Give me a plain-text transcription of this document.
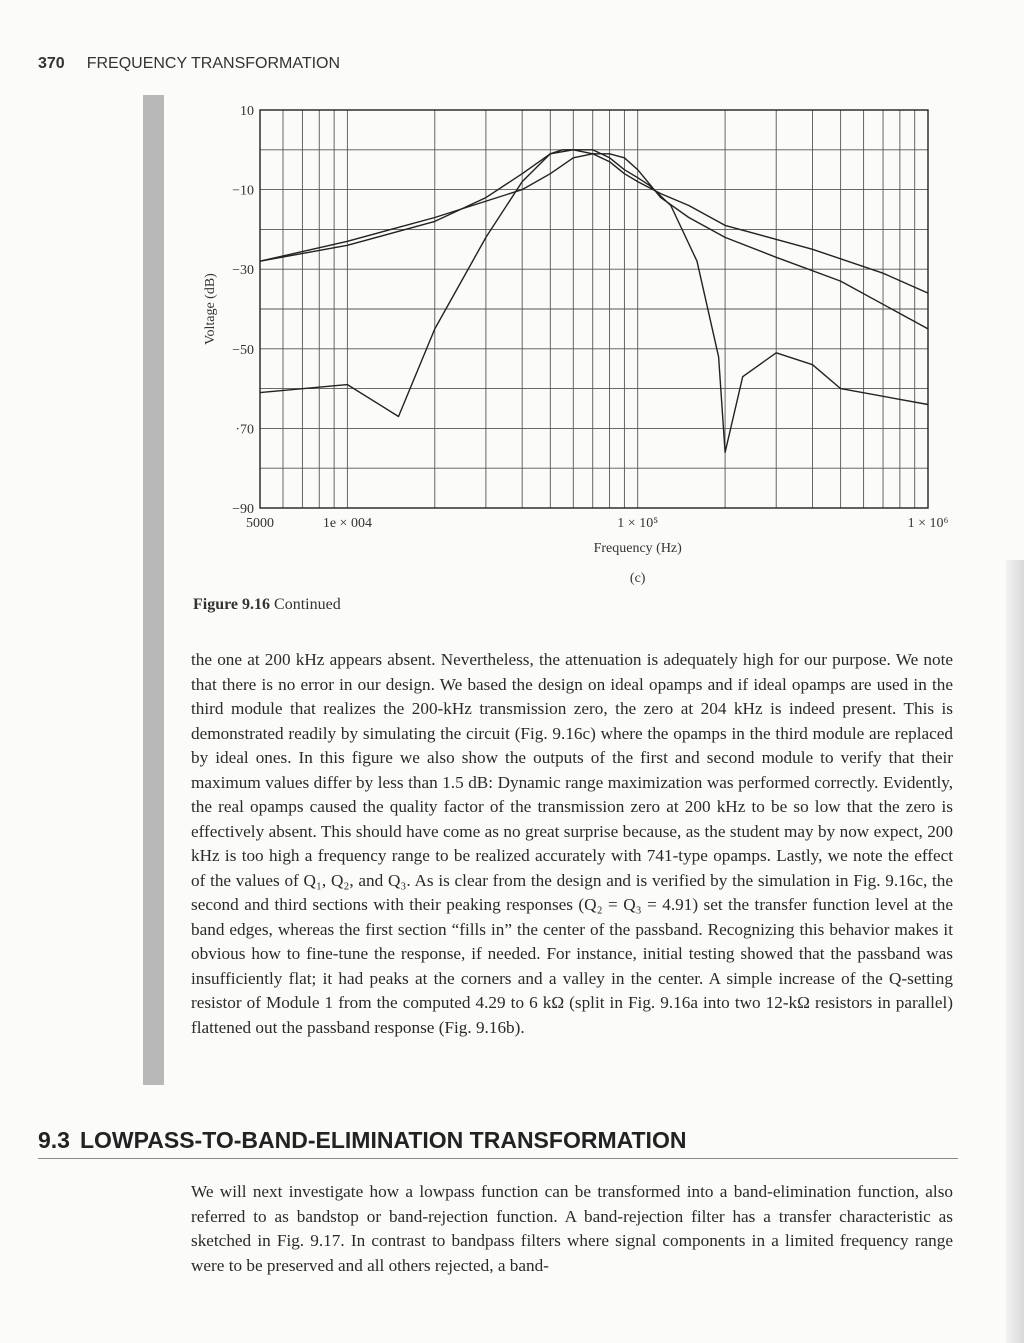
370 FREQUENCY TRANSFORMATION

10
−10
−30
−50
·70
−90
5000	1e × 004	1 × 10⁵	1 × 10⁶
Voltage (dB)
Frequency (Hz)
(c)

Figure 9.16 Continued

the one at 200 kHz appears absent. Nevertheless, the attenuation is adequately high for our purpose. We note that there is no error in our design. We based the design on ideal opamps and if ideal opamps are used in the third module that realizes the 200-kHz transmission zero, the zero at 204 kHz is indeed present. This is demonstrated readily by simulating the circuit (Fig. 9.16c) where the opamps in the third module are replaced by ideal ones. In this figure we also show the outputs of the first and second module to verify that their maximum values differ by less than 1.5 dB: Dynamic range maximization was performed correctly. Evidently, the real opamps caused the quality factor of the transmission zero at 200 kHz to be so low that the zero is effectively absent. This should have come as no great surprise because, as the student may by now expect, 200 kHz is too high a frequency range to be realized accurately with 741-type opamps. Lastly, we note the effect of the values of Q₁, Q₂, and Q₃. As is clear from the design and is verified by the simulation in Fig. 9.16c, the second and third sections with their peaking responses (Q₂ = Q₃ = 4.91) set the transfer function level at the band edges, whereas the first section “fills in” the center of the passband. Recognizing this behavior makes it obvious how to fine-tune the response, if needed. For instance, initial testing showed that the passband was insufficiently flat; it had peaks at the corners and a valley in the center. A simple increase of the Q-setting resistor of Module 1 from the computed 4.29 to 6 kΩ (split in Fig. 9.16a into two 12-kΩ resistors in parallel) flattened out the passband response (Fig. 9.16b).

9.3 LOWPASS-TO-BAND-ELIMINATION TRANSFORMATION

We will next investigate how a lowpass function can be transformed into a band-elimination function, also referred to as bandstop or band-rejection function. A band-rejection filter has a transfer characteristic as sketched in Fig. 9.17. In contrast to bandpass filters where signal components in a limited frequency range were to be preserved and all others rejected, a band-
